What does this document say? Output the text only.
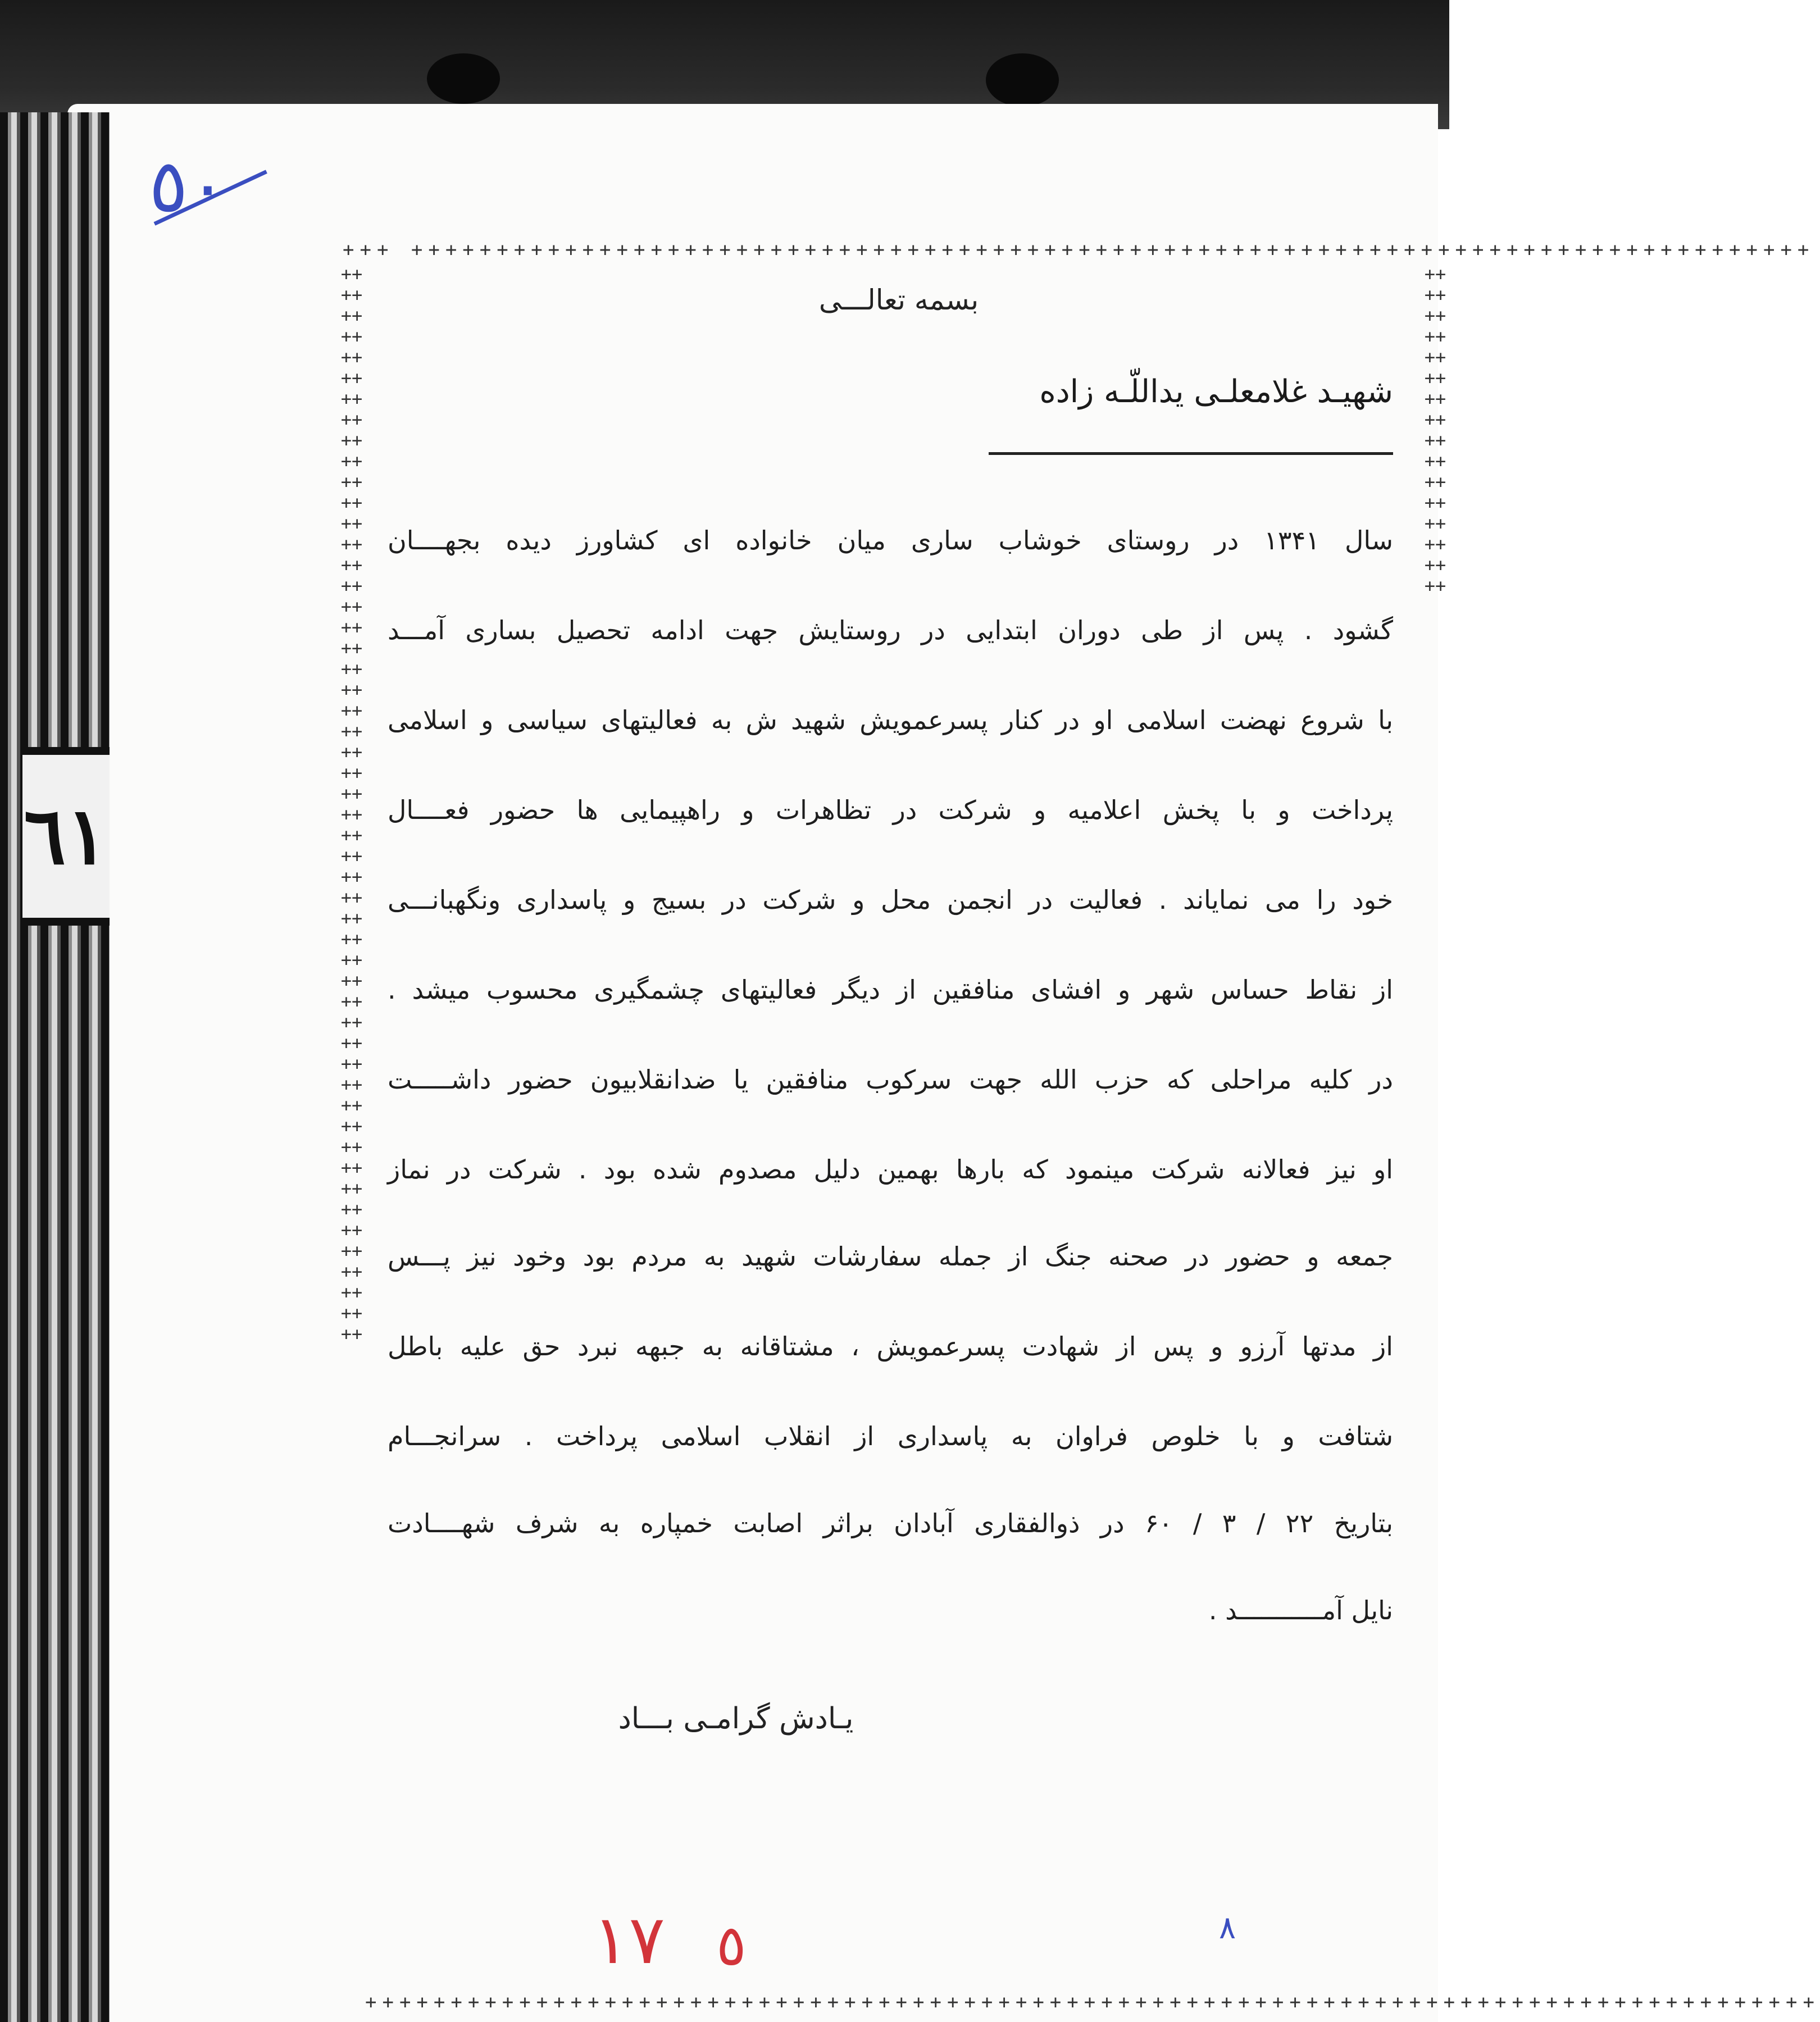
٦١
٥٠
+++ ++++++++++++++++++++++++++++++++++++++++++++++++++++++++++++++++++++++++++++++++++
+++++++++++++++++++++++++++++++++++++++++++++++++++++++++++++++++++++++++++++++++++++
++++++++++++++++++++++++++++++++++++++++++++++++++++++++++++++++++++++++++++++++++++++++++++++++++++++++
++++++++++++++++++++++++++++++++
بسمه تعالـــی
شهیـد غلامعلـی یداللّـه زاده
سال ۱۳۴۱ در روستای خوشاب ساری میان خانواده ای کشاورز دیده بجهــــان
گشود . پس از طی دوران ابتدایی در روستایش جهت ادامه تحصیل بساری آمـــد
با شروع نهضت اسلامی او در کنار پسرعمویش شهید ش به فعالیتهای سیاسی و اسلامی
پرداخت و با پخش اعلامیه و شرکت در تظاهرات و راهپیمایی ها حضور فعــــال
خود را می نمایاند . فعالیت در انجمن محل و شرکت در بسیج و پاسداری ونگهبانـــی
از نقاط حساس شهر و افشای منافقین از دیگر فعالیتهای چشمگیری محسوب میشد .
در کلیه مراحلی که حزب الله جهت سرکوب منافقین یا ضدانقلابیون حضور داشـــــت
او نیز فعالانه شرکت مینمود که بارها بهمین دلیل مصدوم شده بود . شرکت در نماز
جمعه و حضور در صحنه جنگ از جمله سفارشات شهید به مردم بود وخود نیز پـــس
از مدتها آرزو و پس از شهادت پسرعمویش ، مشتاقانه به جبهه نبرد حق علیه باطل
شتافت و با خلوص فراوان به پاسداری از انقلاب اسلامی پرداخت . سرانجـــام
بتاریخ ۲۲ / ۳ / ۶۰ در ذوالفقاری آبادان براثر اصابت خمپاره به شرف شهــــادت
نایل آمـــــــــــد .
یـادش گرامـی بـــاد
١٧ ٥	٨
